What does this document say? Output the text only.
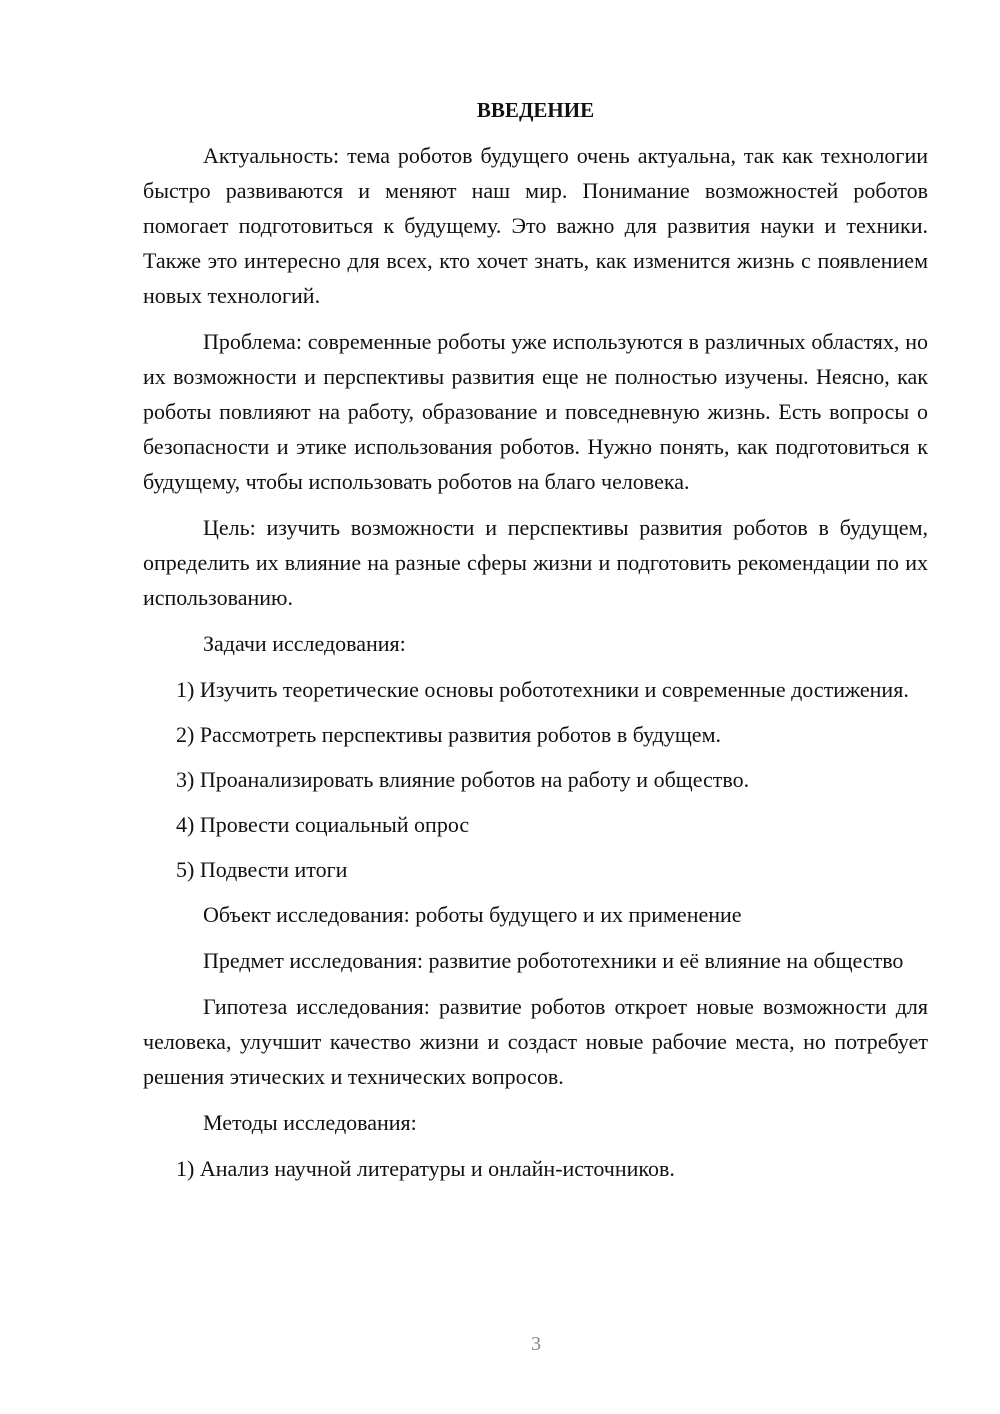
ВВЕДЕНИЕ

Актуальность: тема роботов будущего очень актуальна, так как технологии быстро развиваются и меняют наш мир. Понимание возможностей роботов помогает подготовиться к будущему. Это важно для развития науки и техники. Также это интересно для всех, кто хочет знать, как изменится жизнь с появлением новых технологий.

Проблема: современные роботы уже используются в различных областях, но их возможности и перспективы развития еще не полностью изучены. Неясно, как роботы повлияют на работу, образование и повседневную жизнь. Есть вопросы о безопасности и этике использования роботов. Нужно понять, как подготовиться к будущему, чтобы использовать роботов на благо человека.

Цель: изучить возможности и перспективы развития роботов в будущем, определить их влияние на разные сферы жизни и подготовить рекомендации по их использованию.

Задачи исследования:

1) Изучить теоретические основы робототехники и современные достижения.

2) Рассмотреть перспективы развития роботов в будущем.

3) Проанализировать влияние роботов на работу и общество.

4) Провести социальный опрос

5) Подвести итоги

Объект исследования: роботы будущего и их применение

Предмет исследования: развитие робототехники и её влияние на общество

Гипотеза исследования: развитие роботов откроет новые возможности для человека, улучшит качество жизни и создаст новые рабочие места, но потребует решения этических и технических вопросов.

Методы исследования:

1) Анализ научной литературы и онлайн-источников.

3
